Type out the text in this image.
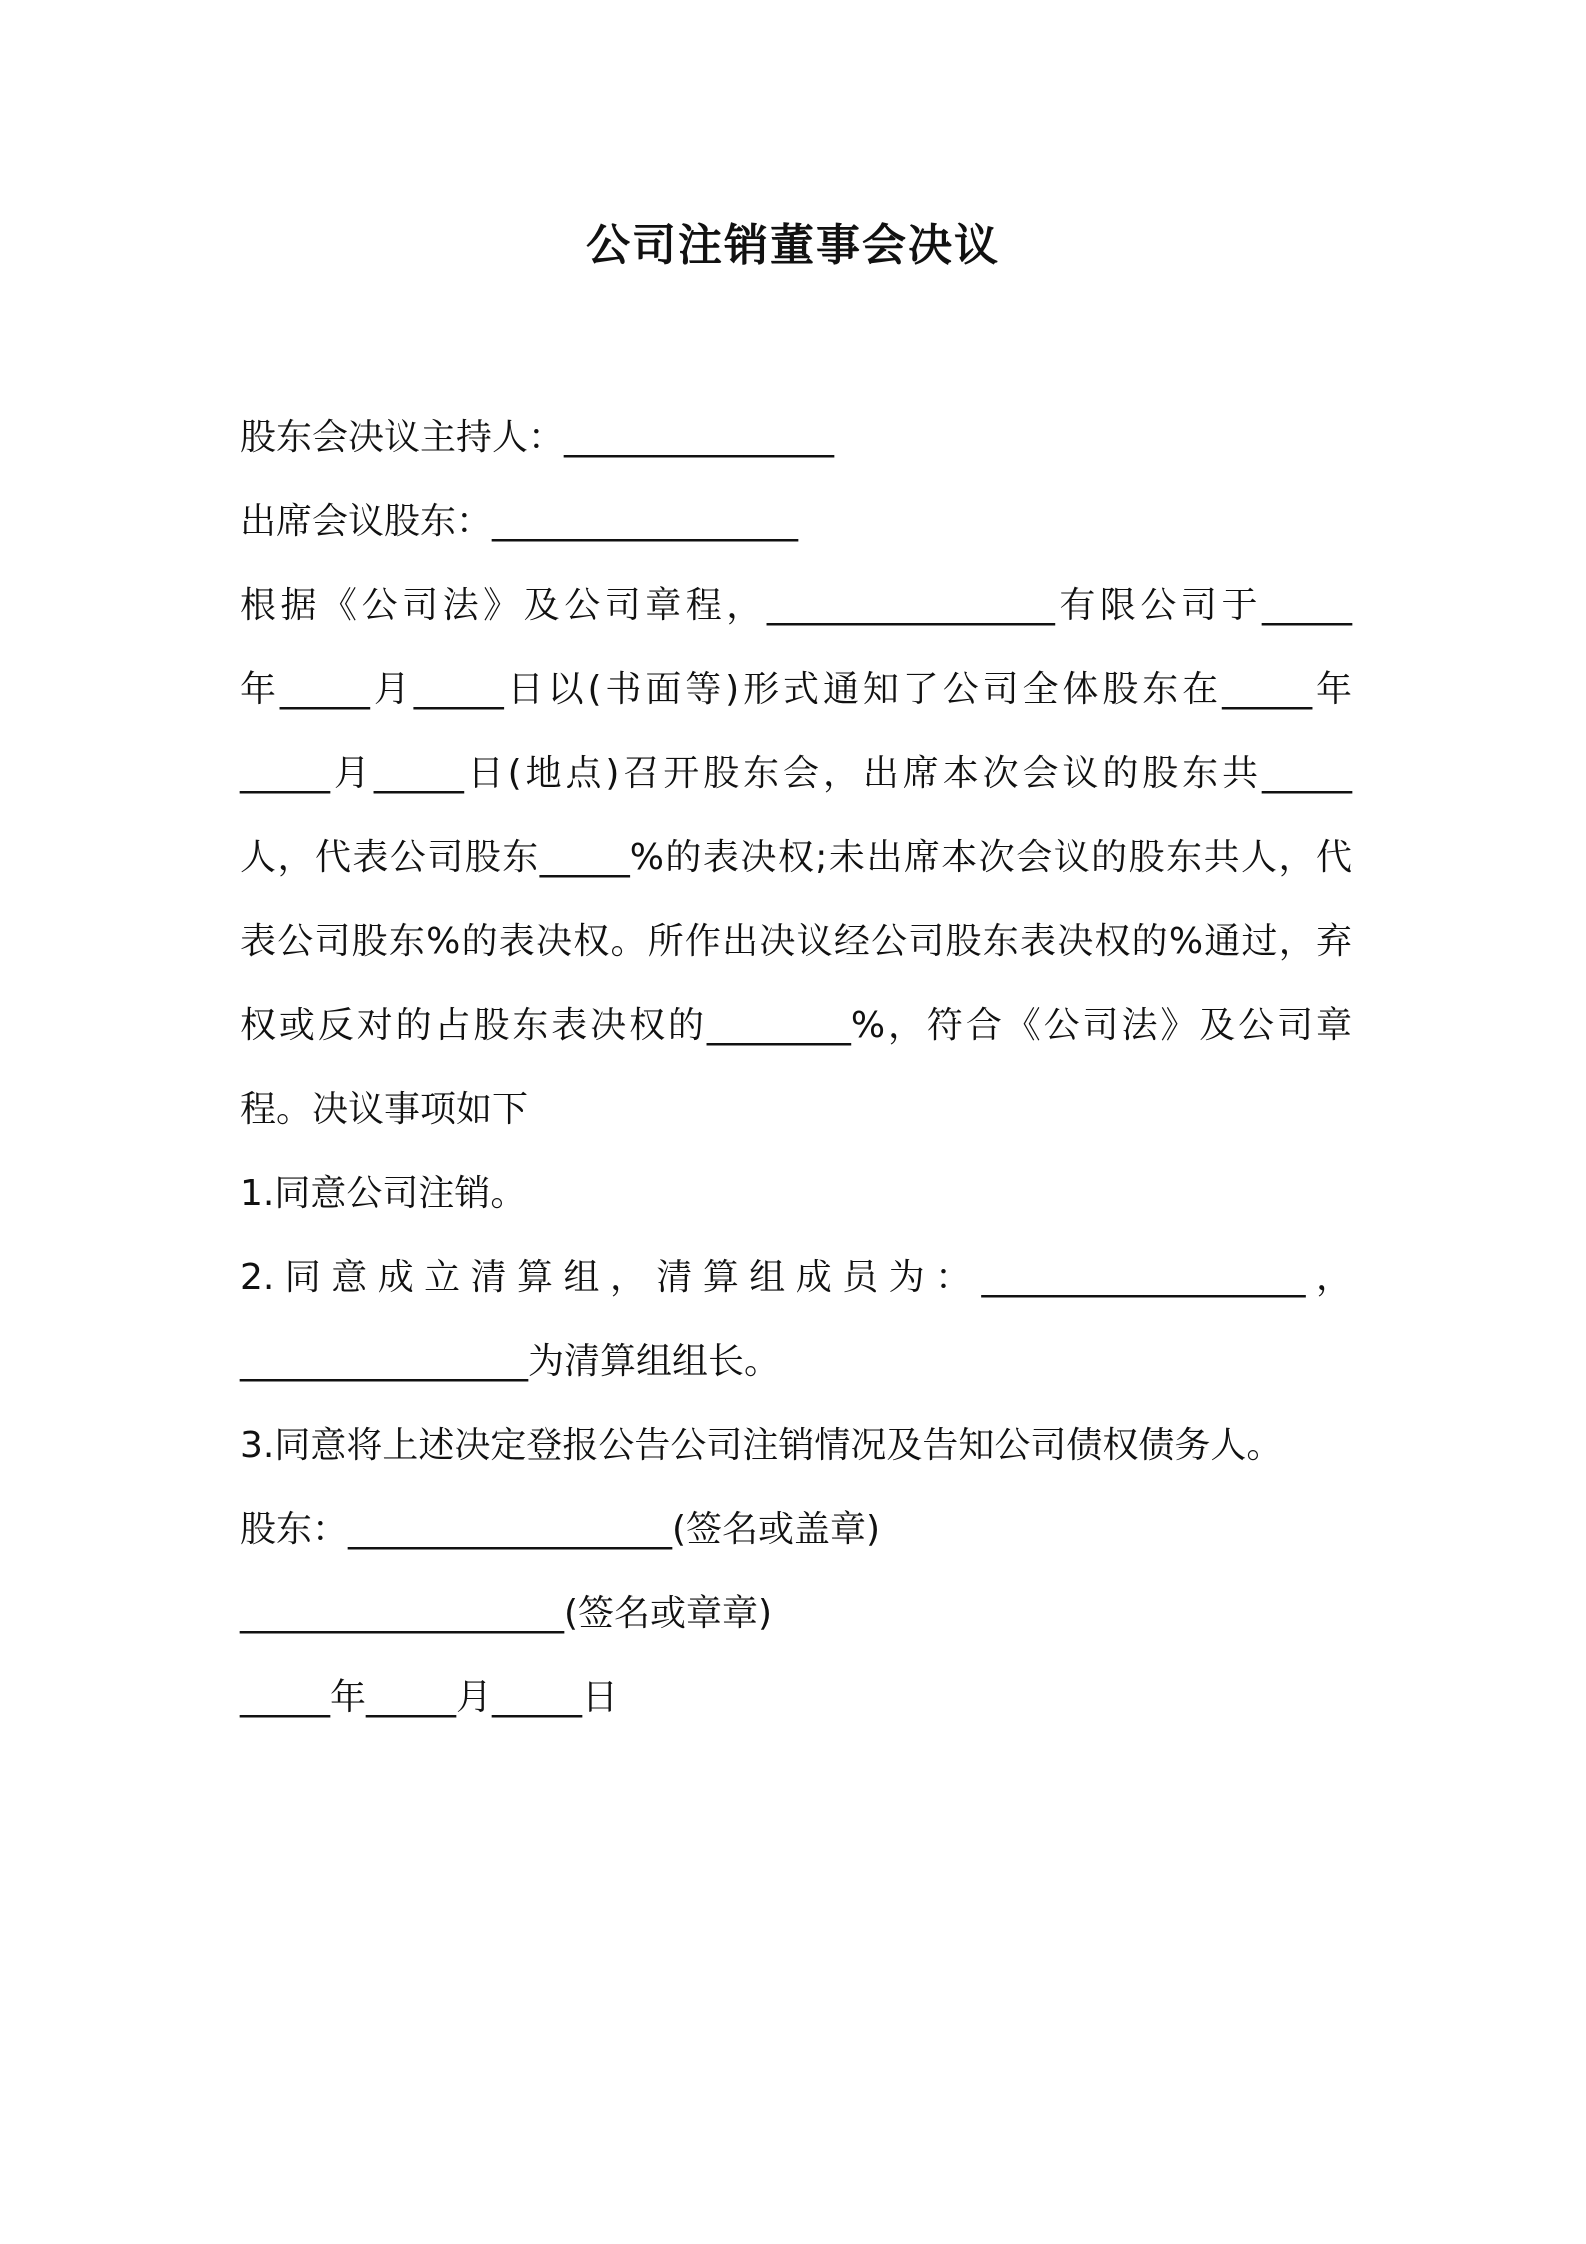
公司注销董事会决议
股东会决议主持人：_______________
出席会议股东：_________________
根据《公司法》及公司章程，________________有限公司于_____
年_____月_____日以(书面等)形式通知了公司全体股东在_____年
_____月_____日(地点)召开股东会，出席本次会议的股东共_____
人，代表公司股东_____%的表决权;未出席本次会议的股东共人，代
表公司股东%的表决权。所作出决议经公司股东表决权的%通过，弃
权或反对的占股东表决权的________%，符合《公司法》及公司章
程。决议事项如下
1.同意公司注销。
2.同意成立清算组，清算组成员为：__________________，
________________为清算组组长。
3.同意将上述决定登报公告公司注销情况及告知公司债权债务人。
股东：__________________(签名或盖章)
__________________(签名或章章)
_____年_____月_____日
